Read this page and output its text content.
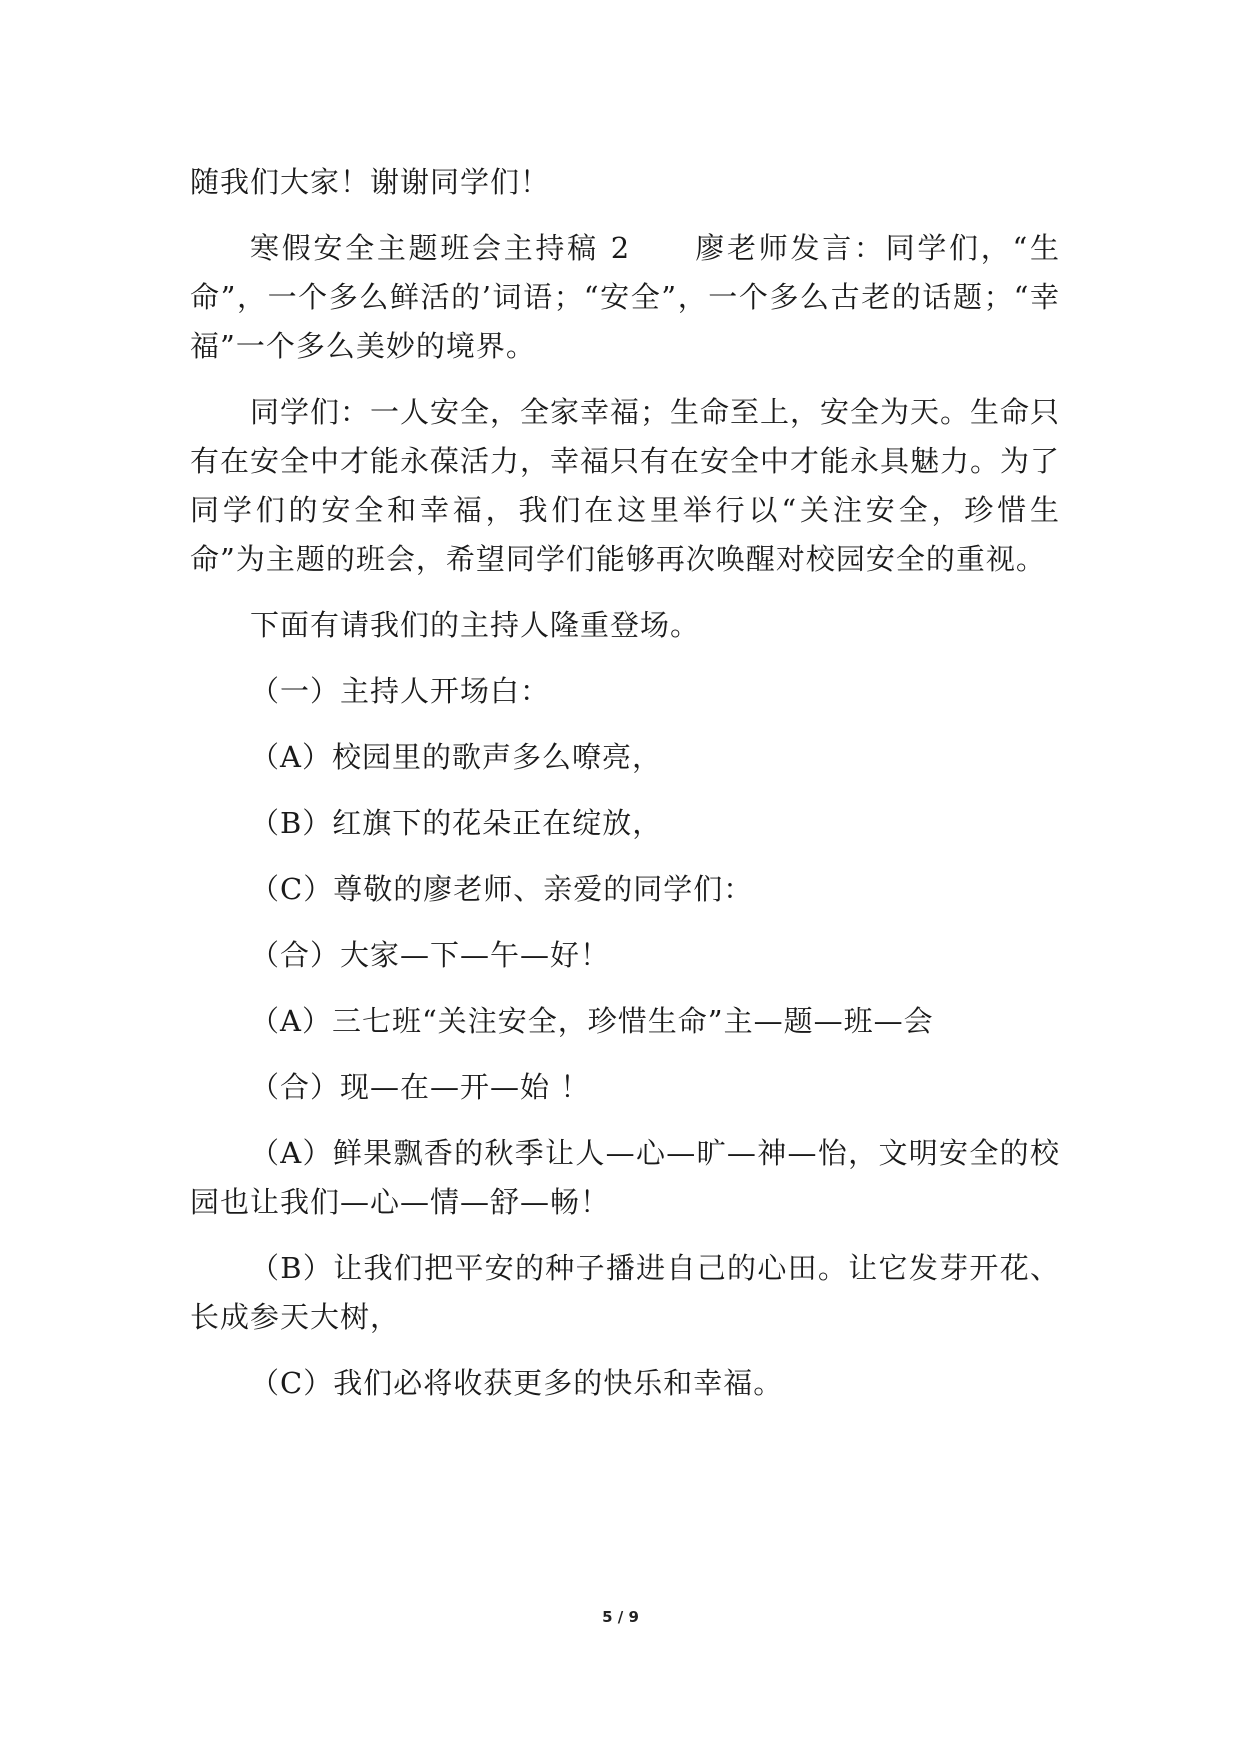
随我们大家！谢谢同学们！

寒假安全主题班会主持稿 2　　廖老师发言：同学们，“生命”，一个多么鲜活的’词语；“安全”，一个多么古老的话题；“幸福”一个多么美妙的境界。

同学们：一人安全，全家幸福；生命至上，安全为天。生命只有在安全中才能永葆活力，幸福只有在安全中才能永具魅力。为了同学们的安全和幸福，我们在这里举行以“关注安全，珍惜生命”为主题的班会，希望同学们能够再次唤醒对校园安全的重视。

下面有请我们的主持人隆重登场。

（一）主持人开场白：

（A）校园里的歌声多么嘹亮，

（B）红旗下的花朵正在绽放，

（C）尊敬的廖老师、亲爱的同学们：

（合）大家—下—午—好！

（A）三七班“关注安全，珍惜生命”主—题—班—会

（合）现—在—开—始 ！

（A）鲜果飘香的秋季让人—心—旷—神—怡，文明安全的校园也让我们—心—情—舒—畅！

（B）让我们把平安的种子播进自己的心田。让它发芽开花、长成参天大树，

（C）我们必将收获更多的快乐和幸福。

5 / 9
